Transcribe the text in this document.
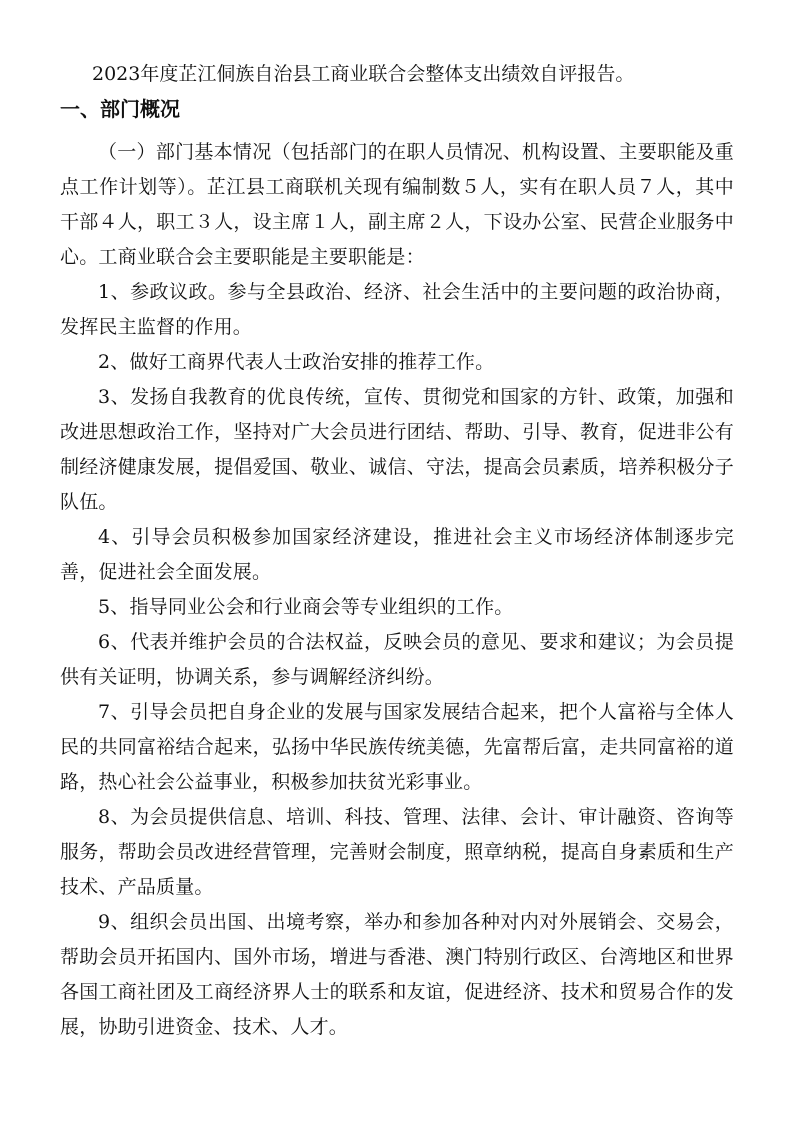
2023年度芷江侗族自治县工商业联合会整体支出绩效自评报告。
一、部门概况

（一）部门基本情况（包括部门的在职人员情况、机构设置、主要职能及重点工作计划等）。芷江县工商联机关现有编制数５人，实有在职人员７人，其中干部４人，职工３人，设主席１人，副主席２人，下设办公室、民营企业服务中心。工商业联合会主要职能是主要职能是：

1、参政议政。参与全县政治、经济、社会生活中的主要问题的政治协商，发挥民主监督的作用。

2、做好工商界代表人士政治安排的推荐工作。

3、发扬自我教育的优良传统，宣传、贯彻党和国家的方针、政策，加强和改进思想政治工作，坚持对广大会员进行团结、帮助、引导、教育，促进非公有制经济健康发展，提倡爱国、敬业、诚信、守法，提高会员素质，培养积极分子队伍。

4、引导会员积极参加国家经济建设，推进社会主义市场经济体制逐步完善，促进社会全面发展。

5、指导同业公会和行业商会等专业组织的工作。

6、代表并维护会员的合法权益，反映会员的意见、要求和建议；为会员提供有关证明，协调关系，参与调解经济纠纷。

7、引导会员把自身企业的发展与国家发展结合起来，把个人富裕与全体人民的共同富裕结合起来，弘扬中华民族传统美德，先富帮后富，走共同富裕的道路，热心社会公益事业，积极参加扶贫光彩事业。

8、为会员提供信息、培训、科技、管理、法律、会计、审计融资、咨询等服务，帮助会员改进经营管理，完善财会制度，照章纳税，提高自身素质和生产技术、产品质量。

9、组织会员出国、出境考察，举办和参加各种对内对外展销会、交易会，帮助会员开拓国内、国外市场，增进与香港、澳门特别行政区、台湾地区和世界各国工商社团及工商经济界人士的联系和友谊，促进经济、技术和贸易合作的发展，协助引进资金、技术、人才。
